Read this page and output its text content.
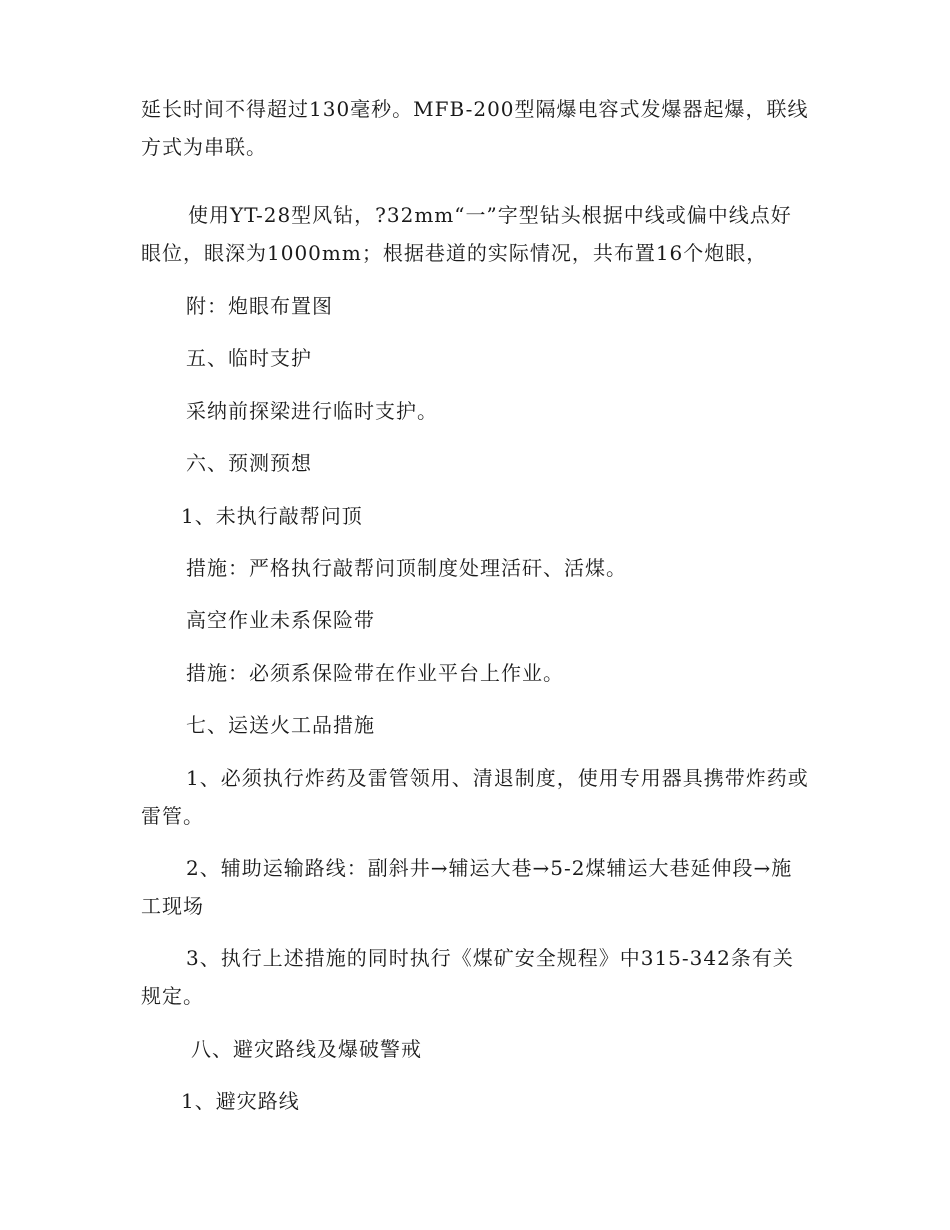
延长时间不得超过130毫秒。MFB-200型隔爆电容式发爆器起爆，联线方式为串联。

使用YT-28型风钻，?32mm“一”字型钻头根据中线或偏中线点好眼位，眼深为1000mm；根据巷道的实际情况，共布置16个炮眼，

附：炮眼布置图

五、临时支护

采纳前探梁进行临时支护。

六、预测预想

1、未执行敲帮问顶

措施：严格执行敲帮问顶制度处理活矸、活煤。

高空作业未系保险带

措施：必须系保险带在作业平台上作业。

七、运送火工品措施

1、必须执行炸药及雷管领用、清退制度，使用专用器具携带炸药或雷管。

2、辅助运输路线：副斜井→辅运大巷→5-2煤辅运大巷延伸段→施工现场

3、执行上述措施的同时执行《煤矿安全规程》中315-342条有关规定。

八、避灾路线及爆破警戒

1、避灾路线
